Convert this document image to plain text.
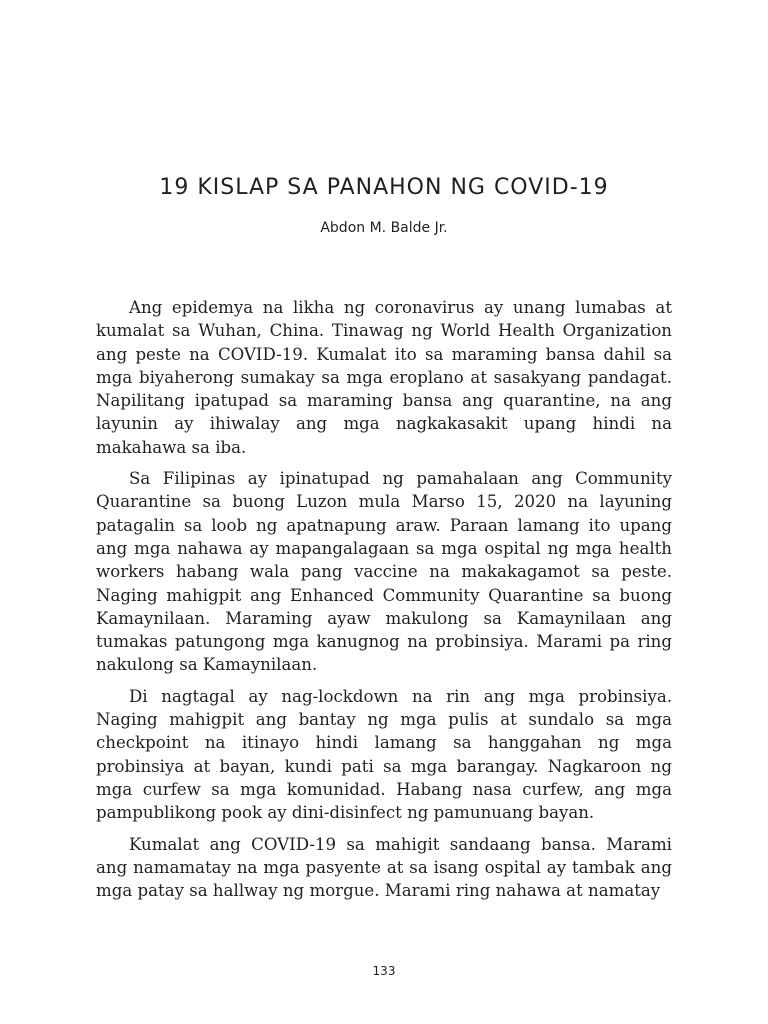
19 KISLAP SA PANAHON NG COVID-19
Abdon M. Balde Jr.

Ang epidemya na likha ng coronavirus ay unang lumabas at kumalat sa Wuhan, China. Tinawag ng World Health Organization ang peste na COVID-19. Kumalat ito sa maraming bansa dahil sa mga biyaherong sumakay sa mga eroplano at sasakyang pandagat. Napilitang ipatupad sa maraming bansa ang quarantine, na ang layunin ay ihiwalay ang mga nagkakasakit upang hindi na makahawa sa iba.

Sa Filipinas ay ipinatupad ng pamahalaan ang Community Quarantine sa buong Luzon mula Marso 15, 2020 na layuning patagalin sa loob ng apatnapung araw. Paraan lamang ito upang ang mga nahawa ay mapangalagaan sa mga ospital ng mga health workers habang wala pang vaccine na makakagamot sa peste. Naging mahigpit ang Enhanced Community Quarantine sa buong Kamaynilaan. Maraming ayaw makulong sa Kamaynilaan ang tumakas patungong mga kanugnog na probinsiya. Marami pa ring nakulong sa Kamaynilaan.

Di nagtagal ay nag-lockdown na rin ang mga probinsiya. Naging mahigpit ang bantay ng mga pulis at sundalo sa mga checkpoint na itinayo hindi lamang sa hanggahan ng mga probinsiya at bayan, kundi pati sa mga barangay. Nagkaroon ng mga curfew sa mga komunidad. Habang nasa curfew, ang mga pampublikong pook ay dini-disinfect ng pamunuang bayan.

Kumalat ang COVID-19 sa mahigit sandaang bansa. Marami ang namamatay na mga pasyente at sa isang ospital ay tambak ang mga patay sa hallway ng morgue. Marami ring nahawa at namatay

133
